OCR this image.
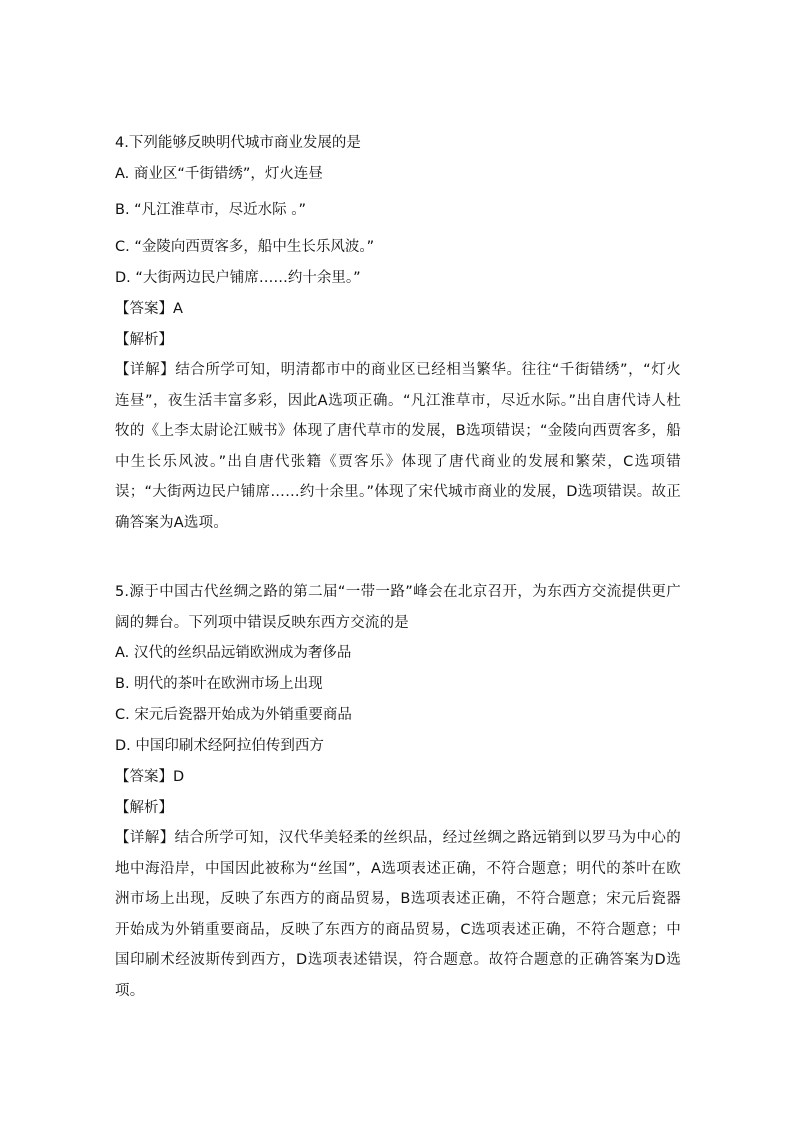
4.下列能够反映明代城市商业发展的是
A. 商业区“千街错绣”，灯火连昼
B. “凡江淮草市，尽近水际 。”
C. “金陵向西贾客多，船中生长乐风波。”
D. “大街两边民户铺席……约十余里。”
【答案】A
【解析】
【详解】结合所学可知，明清都市中的商业区已经相当繁华。往往“千街错绣”，“灯火连昼”，夜生活丰富多彩，因此A选项正确。“凡江淮草市，尽近水际。”出自唐代诗人杜牧的《上李太尉论江贼书》体现了唐代草市的发展，B选项错误；“金陵向西贾客多，船中生长乐风波。”出自唐代张籍《贾客乐》体现了唐代商业的发展和繁荣，C选项错误；“大街两边民户铺席……约十余里。”体现了宋代城市商业的发展，D选项错误。故正确答案为A选项。
5.源于中国古代丝绸之路的第二届“一带一路”峰会在北京召开，为东西方交流提供更广阔的舞台。下列项中错误反映东西方交流的是
A. 汉代的丝织品远销欧洲成为奢侈品
B. 明代的茶叶在欧洲市场上出现
C. 宋元后瓷器开始成为外销重要商品
D. 中国印刷术经阿拉伯传到西方
【答案】D
【解析】
【详解】结合所学可知，汉代华美轻柔的丝织品，经过丝绸之路远销到以罗马为中心的地中海沿岸，中国因此被称为“丝国”，A选项表述正确，不符合题意；明代的茶叶在欧洲市场上出现，反映了东西方的商品贸易，B选项表述正确，不符合题意；宋元后瓷器开始成为外销重要商品，反映了东西方的商品贸易，C选项表述正确，不符合题意；中国印刷术经波斯传到西方，D选项表述错误，符合题意。故符合题意的正确答案为D选项。
